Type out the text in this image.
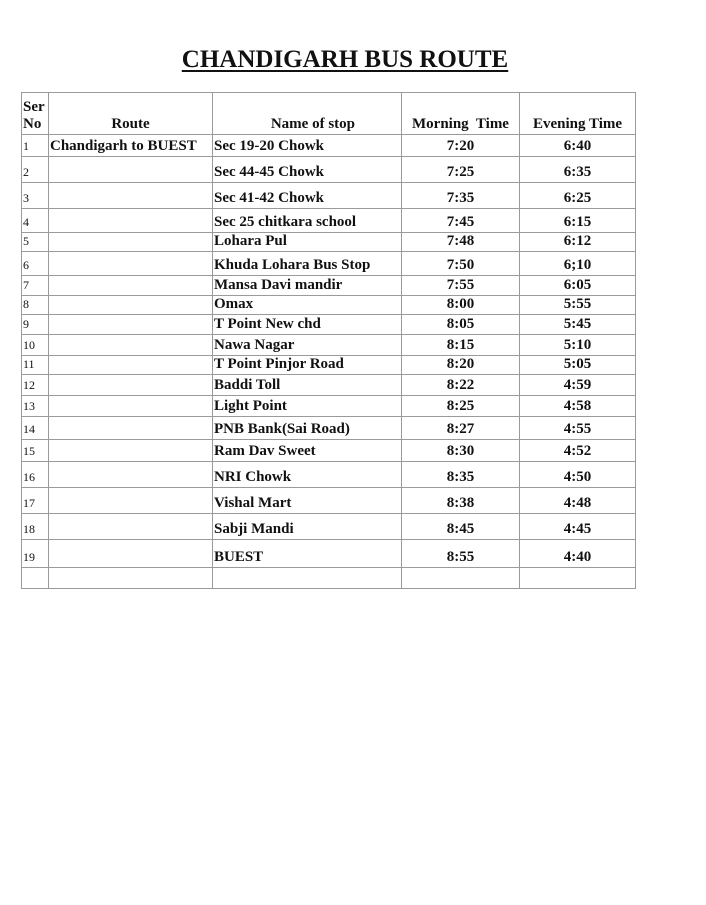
CHANDIGARH BUS ROUTE
Ser
No	Route	Name of stop	Morning  Time	Evening Time
1	Chandigarh to BUEST	Sec 19-20 Chowk	7:20	6:40
2		Sec 44-45 Chowk	7:25	6:35
3		Sec 41-42 Chowk	7:35	6:25
4		Sec 25 chitkara school	7:45	6:15
5		Lohara Pul	7:48	6:12
6		Khuda Lohara Bus Stop	7:50	6;10
7		Mansa Davi mandir	7:55	6:05
8		Omax	8:00	5:55
9		T Point New chd	8:05	5:45
10		Nawa Nagar	8:15	5:10
11		T Point Pinjor Road	8:20	5:05
12		Baddi Toll	8:22	4:59
13		Light Point	8:25	4:58
14		PNB Bank(Sai Road)	8:27	4:55
15		Ram Dav Sweet	8:30	4:52
16		NRI Chowk	8:35	4:50
17		Vishal Mart	8:38	4:48
18		Sabji Mandi	8:45	4:45
19		BUEST	8:55	4:40
